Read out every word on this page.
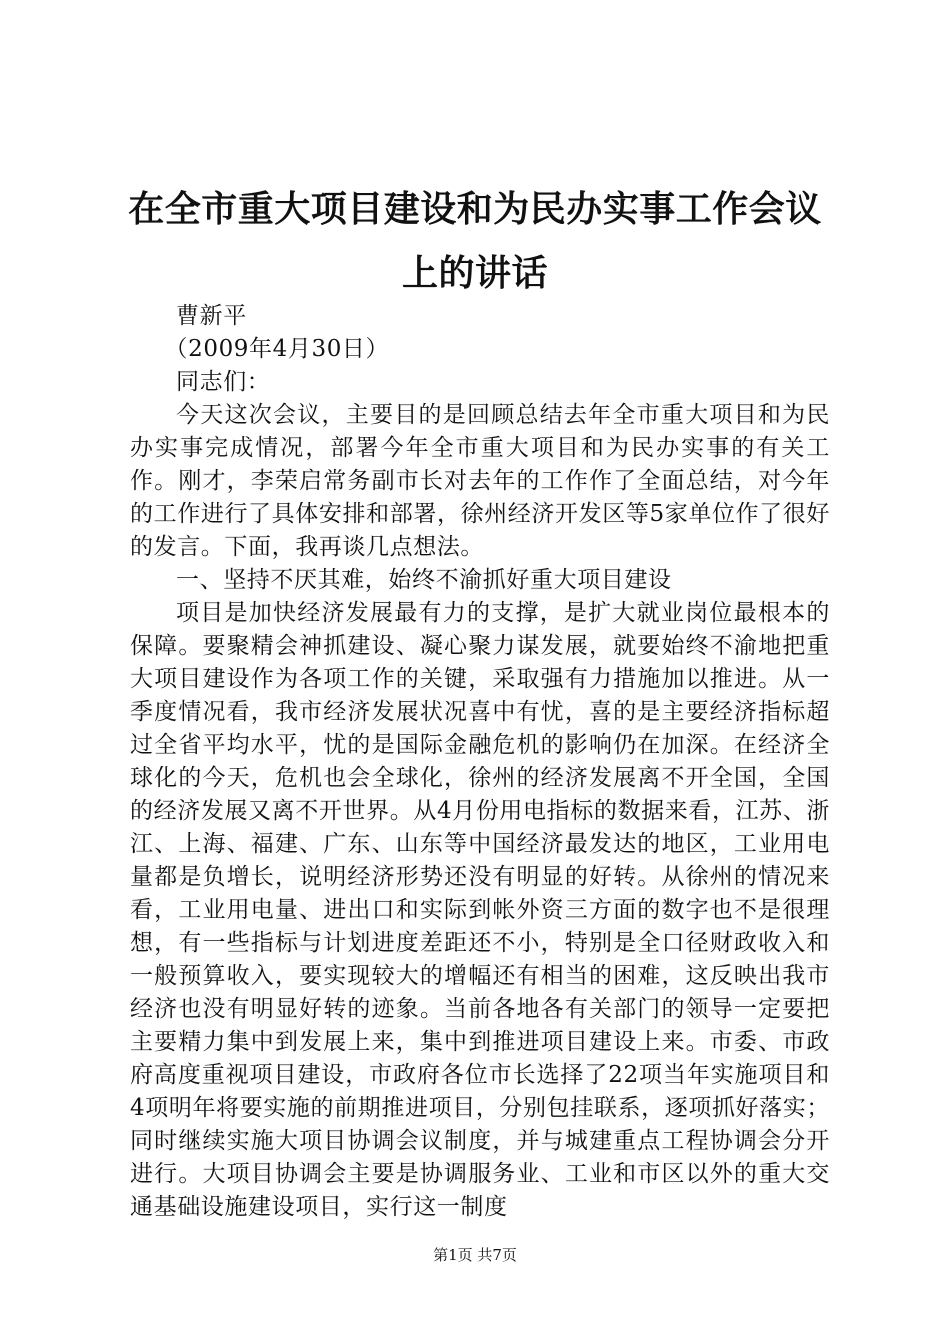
在全市重大项目建设和为民办实事工作会议上的讲话

曹新平

（2009年4月30日）

同志们：

今天这次会议，主要目的是回顾总结去年全市重大项目和为民办实事完成情况，部署今年全市重大项目和为民办实事的有关工作。刚才，李荣启常务副市长对去年的工作作了全面总结，对今年的工作进行了具体安排和部署，徐州经济开发区等5家单位作了很好的发言。下面，我再谈几点想法。

一、坚持不厌其难，始终不渝抓好重大项目建设

项目是加快经济发展最有力的支撑，是扩大就业岗位最根本的保障。要聚精会神抓建设、凝心聚力谋发展，就要始终不渝地把重大项目建设作为各项工作的关键，采取强有力措施加以推进。从一季度情况看，我市经济发展状况喜中有忧，喜的是主要经济指标超过全省平均水平，忧的是国际金融危机的影响仍在加深。在经济全球化的今天，危机也会全球化，徐州的经济发展离不开全国，全国的经济发展又离不开世界。从4月份用电指标的数据来看，江苏、浙江、上海、福建、广东、山东等中国经济最发达的地区，工业用电量都是负增长，说明经济形势还没有明显的好转。从徐州的情况来看，工业用电量、进出口和实际到帐外资三方面的数字也不是很理想，有一些指标与计划进度差距还不小，特别是全口径财政收入和一般预算收入，要实现较大的增幅还有相当的困难，这反映出我市经济也没有明显好转的迹象。当前各地各有关部门的领导一定要把主要精力集中到发展上来，集中到推进项目建设上来。市委、市政府高度重视项目建设，市政府各位市长选择了22项当年实施项目和4项明年将要实施的前期推进项目，分别包挂联系，逐项抓好落实；同时继续实施大项目协调会议制度，并与城建重点工程协调会分开进行。大项目协调会主要是协调服务业、工业和市区以外的重大交通基础设施建设项目，实行这一制度

第1页 共7页
